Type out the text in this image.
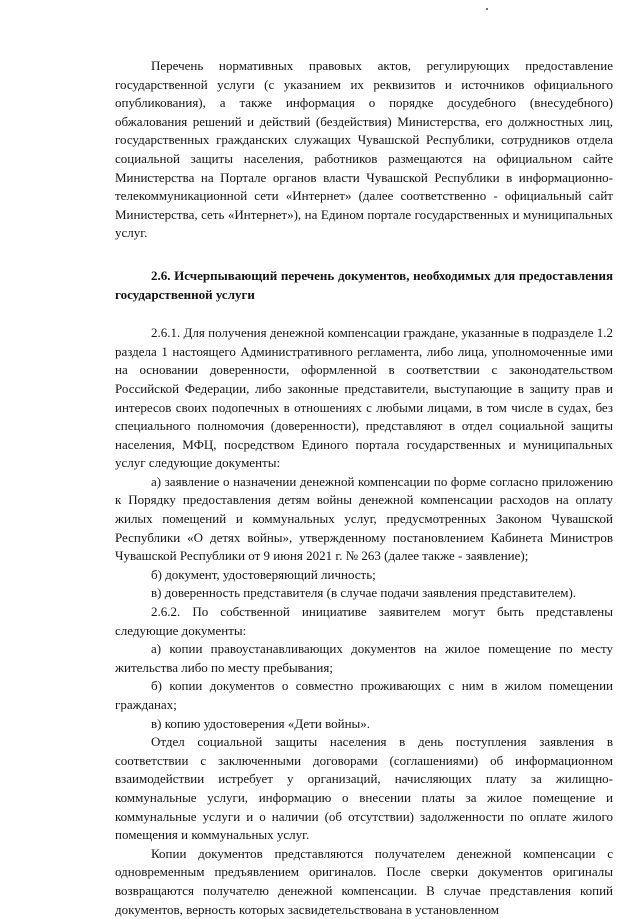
Перечень нормативных правовых актов, регулирующих предоставление государственной услуги (с указанием их реквизитов и источников официального опубликования), а также информация о порядке досудебного (внесудебного) обжалования решений и действий (бездействия) Министерства, его должностных лиц, государственных гражданских служащих Чувашской Республики, сотрудников отдела социальной защиты населения, работников размещаются на официальном сайте Министерства на Портале органов власти Чувашской Республики в информационно-телекоммуникационной сети «Интернет» (далее соответственно - официальный сайт Министерства, сеть «Интернет»), на Едином портале государственных и муниципальных услуг.

2.6. Исчерпывающий перечень документов, необходимых для предоставления государственной услуги

2.6.1. Для получения денежной компенсации граждане, указанные в подразделе 1.2 раздела 1 настоящего Административного регламента, либо лица, уполномоченные ими на основании доверенности, оформленной в соответствии с законодательством Российской Федерации, либо законные представители, выступающие в защиту прав и интересов своих подопечных в отношениях с любыми лицами, в том числе в судах, без специального полномочия (доверенности), представляют в отдел социальной защиты населения, МФЦ, посредством Единого портала государственных и муниципальных услуг следующие документы:

а) заявление о назначении денежной компенсации по форме согласно приложению к Порядку предоставления детям войны денежной компенсации расходов на оплату жилых помещений и коммунальных услуг, предусмотренных Законом Чувашской Республики «О детях войны», утвержденному постановлением Кабинета Министров Чувашской Республики от 9 июня 2021 г. № 263 (далее также - заявление);

б) документ, удостоверяющий личность;

в) доверенность представителя (в случае подачи заявления представителем).

2.6.2. По собственной инициативе заявителем могут быть представлены следующие документы:

а) копии правоустанавливающих документов на жилое помещение по месту жительства либо по месту пребывания;

б) копии документов о совместно проживающих с ним в жилом помещении гражданах;

в) копию удостоверения «Дети войны».

Отдел социальной защиты населения в день поступления заявления в соответствии с заключенными договорами (соглашениями) об информационном взаимодействии истребует у организаций, начисляющих плату за жилищно-коммунальные услуги, информацию о внесении платы за жилое помещение и коммунальные услуги и о наличии (об отсутствии) задолженности по оплате жилого помещения и коммунальных услуг.

Копии документов представляются получателем денежной компенсации с одновременным предъявлением оригиналов. После сверки документов оригиналы возвращаются получателю денежной компенсации. В случае представления копий документов, верность которых засвидетельствована в установленном
